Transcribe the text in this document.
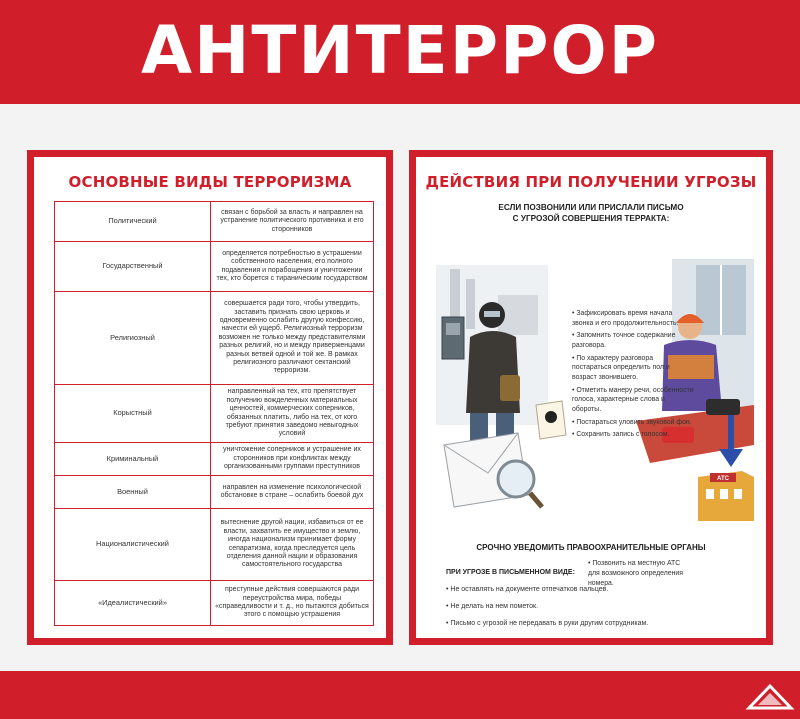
АНТИТЕРРОР
ОСНОВНЫЕ ВИДЫ ТЕРРОРИЗМА
Политический	связан с борьбой за власть и направлен на устранение политического противника и его сторонников
Государственный	определяется потребностью в устрашении собственного населения, его полного подавления и порабощения и уничтожении тех, кто борется с тираническим государством
Религиозный	совершается ради того, чтобы утвердить, заставить признать свою церковь и одновременно ослабить другую конфессию, начести ей ущерб. Религиозный терроризм возможен не только между представителями разных религий, но и между приверженцами разных ветвей одной и той же. В рамках религиозного различают сектанский терроризм.
Корыстный	направленный на тех, кто препятствует получению вожделенных материальных ценностей, коммерческих соперников, обязанных платить, либо на тех, от кого требуют принятия заведомо невыгодных условий
Криминальный	уничтожение соперников и устрашение их сторонников при конфликтах между организованными группами преступников
Военный	направлен на изменение психологической обстановке в стране – ослабить боевой дух
Националистический	вытеснение другой нации, избавиться от ее власти, захватить ее имущество и землю, иногда национализм принимает форму сепаратизма, когда преследуется цель отделения данной нации и образования самостоятельного государства
«Идеалистический»	преступные действия совершаются ради переустройства мира, победы «справедливости и т. д., но пытаются добиться этого с помощью устрашения
ДЕЙСТВИЯ ПРИ ПОЛУЧЕНИИ УГРОЗЫ
ЕСЛИ ПОЗВОНИЛИ ИЛИ ПРИСЛАЛИ ПИСЬМО
С УГРОЗОЙ СОВЕРШЕНИЯ ТЕРРАКТА:
АТС
• Зафиксировать время начала звонка и его продолжительность.
• Запомнить точное содержание разговора.
• По характеру разговора постараться определить пол и возраст звонившего.
• Отметить манеру речи, особенности голоса, характерные слова и обороты.
• Постараться уловить звуковой фон.
• Сохранить запись с голосом.
• Позвонить на местную АТС для возможного определения номера.
СРОЧНО УВЕДОМИТЬ ПРАВООХРАНИТЕЛЬНЫЕ ОРГАНЫ
ПРИ УГРОЗЕ В ПИСЬМЕННОМ ВИДЕ:
• Не оставлять на документе отпечатков пальцев.
• Не делать на нем пометок.
• Письмо с угрозой не передавать в руки другим сотрудникам.
